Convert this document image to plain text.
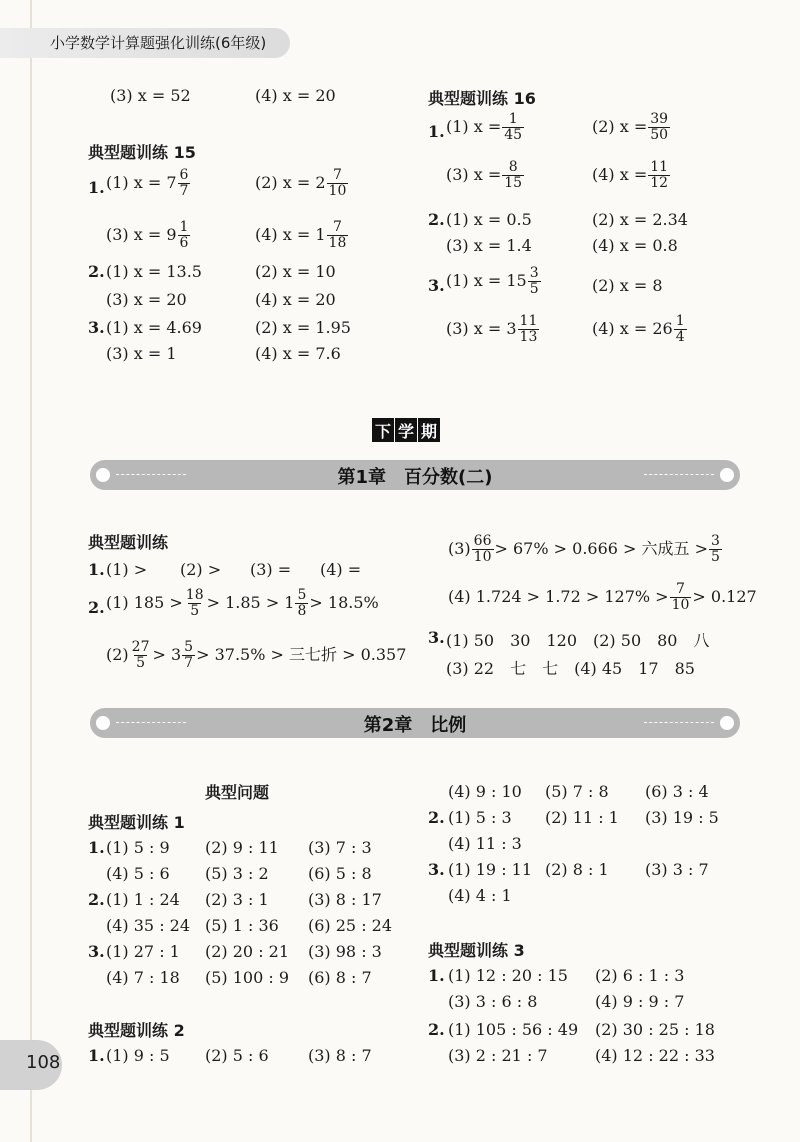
小学数学计算题强化训练(6年级)
(3) x = 52	(4) x = 20
典型题训练 15
1. (1) $x = 7 \frac{6}{7}$	(2) $x = 2 \frac{7}{10}$
(3) $x = 9 \frac{1}{6}$	(4) $x = 1 \frac{7}{18}$
2. (1) x = 13.5	(2) x = 10
(3) x = 20	(4) x = 20
3. (1) x = 4.69	(2) x = 1.95
(3) x = 1	(4) x = 7.6
典型题训练 16
1. (1) $x = \frac{1}{45}$	(2) $x = \frac{39}{50}$
(3) $x = \frac{8}{15}$	(4) $x = \frac{11}{12}$
2. (1) x = 0.5	(2) x = 2.34
(3) x = 1.4	(4) x = 0.8
3. (1) $x = 15 \frac{3}{5}$	(2) x = 8
(3) $x = 3 \frac{11}{13}$	(4) $x = 26 \frac{1}{4}$
下 学 期
第1章　百分数(二)
典型题训练
1. (1) > (2) > (3) = (4) =
2. (1) $185 > \frac{18}{5} > 1.85 > 1 \frac{5}{8} > 18.5\%$
$(2) \frac{27}{5} > 3 \frac{5}{7} > 37.5\%$ > 三七折 > 0.357
$(3) \frac{66}{10} > 67\% > 0.666$ > 六成五 > $\frac{3}{5}$
(4) $1.724 > 1.72 > 127\% > \frac{7}{10} > 0.127$
3. (1) 50　30　120　(2) 50　80　八
(3) 22　七　七　(4) 45　17　85
第2章　比例
典型问题
典型题训练 1
1. (1) 5 : 9 (2) 9 : 11 (3) 7 : 3
(4) 5 : 6 (5) 3 : 2 (6) 5 : 8
2. (1) 1 : 24 (2) 3 : 1 (3) 8 : 17
(4) 35 : 24 (5) 1 : 36 (6) 25 : 24
3. (1) 27 : 1 (2) 20 : 21 (3) 98 : 3
(4) 7 : 18 (5) 100 : 9 (6) 8 : 7
典型题训练 2
1. (1) 9 : 5 (2) 5 : 6 (3) 8 : 7
(4) 9 : 10 (5) 7 : 8 (6) 3 : 4
2. (1) 5 : 3 (2) 11 : 1 (3) 19 : 5
(4) 11 : 3
3. (1) 19 : 11 (2) 8 : 1 (3) 3 : 7
(4) 4 : 1
典型题训练 3
1. (1) 12 : 20 : 15 (2) 6 : 1 : 3
(3) 3 : 6 : 8	(4) 9 : 9 : 7
2. (1) 105 : 56 : 49 (2) 30 : 25 : 18
(3) 2 : 21 : 7	(4) 12 : 22 : 33
108
